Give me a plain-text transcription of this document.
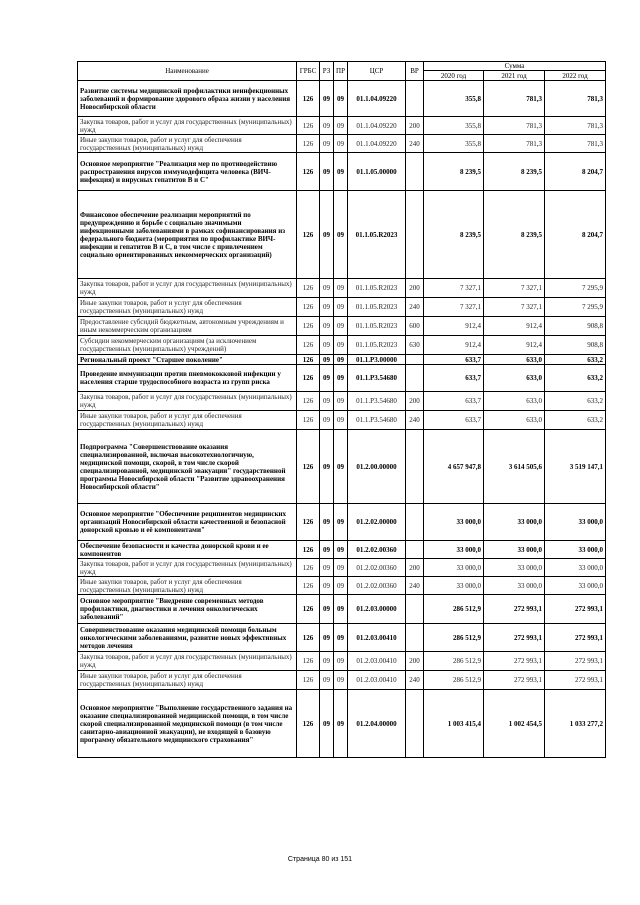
Наименование	ГРБС	РЗ	ПР	ЦСР	ВР	Сумма		
						2020 год	2021 год	2022 год
Развитие системы медицинской профилактики неинфекционных заболеваний и формирование здорового образа жизни у населения Новосибирской области	126	09	09	01.1.04.09220		355,8	781,3	781,3
Закупка товаров, работ и услуг для государственных (муниципальных) нужд	126	09	09	01.1.04.09220	200	355,8	781,3	781,3
Иные закупки товаров, работ и услуг для обеспечения государственных (муниципальных) нужд	126	09	09	01.1.04.09220	240	355,8	781,3	781,3
Основное мероприятие "Реализация мер по противодействию распространения вирусов иммунодефицита человека (ВИЧ-инфекция) и вирусных гепатитов В и С"	126	09	09	01.1.05.00000		8 239,5	8 239,5	8 204,7
Финансовое обеспечение реализации мероприятий по предупреждению и борьбе с социально значимыми инфекционными заболеваниями в рамках софинансирования из федерального бюджета (мероприятия по профилактике ВИЧ-инфекции и гепатитов В и С, в том числе с привлечением социально ориентированных некоммерческих организаций)	126	09	09	01.1.05.R2023		8 239,5	8 239,5	8 204,7
Закупка товаров, работ и услуг для государственных (муниципальных) нужд	126	09	09	01.1.05.R2023	200	7 327,1	7 327,1	7 295,9
Иные закупки товаров, работ и услуг для обеспечения государственных (муниципальных) нужд	126	09	09	01.1.05.R2023	240	7 327,1	7 327,1	7 295,9
Предоставление субсидий бюджетным, автономным учреждениям и иным некоммерческим организациям	126	09	09	01.1.05.R2023	600	912,4	912,4	908,8
Субсидии некоммерческим организациям (за исключением государственных (муниципальных) учреждений)	126	09	09	01.1.05.R2023	630	912,4	912,4	908,8
Региональный проект "Старшее поколение"	126	09	09	01.1.P3.00000		633,7	633,0	633,2
Проведение иммунизации против пневмококковой инфекции у населения старше трудоспособного возраста из групп риска	126	09	09	01.1.P3.54680		633,7	633,0	633,2
Закупка товаров, работ и услуг для государственных (муниципальных) нужд	126	09	09	01.1.P3.54680	200	633,7	633,0	633,2
Иные закупки товаров, работ и услуг для обеспечения государственных (муниципальных) нужд	126	09	09	01.1.P3.54680	240	633,7	633,0	633,2
Подпрограмма "Совершенствование оказания специализированной, включая высокотехнологичную, медицинской помощи, скорой, в том числе скорой специализированной, медицинской эвакуации" государственной программы Новосибирской области "Развитие здравоохранения Новосибирской области"	126	09	09	01.2.00.00000		4 657 947,8	3 614 505,6	3 519 147,1
Основное мероприятие "Обеспечение реципиентов медицинских организаций Новосибирской области качественной и безопасной донорской кровью и её компонентами"	126	09	09	01.2.02.00000		33 000,0	33 000,0	33 000,0
Обеспечение безопасности и качества донорской крови и ее компонентов	126	09	09	01.2.02.00360		33 000,0	33 000,0	33 000,0
Закупка товаров, работ и услуг для государственных (муниципальных) нужд	126	09	09	01.2.02.00360	200	33 000,0	33 000,0	33 000,0
Иные закупки товаров, работ и услуг для обеспечения государственных (муниципальных) нужд	126	09	09	01.2.02.00360	240	33 000,0	33 000,0	33 000,0
Основное мероприятие "Внедрение современных методов профилактики, диагностики и лечения онкологических заболеваний"	126	09	09	01.2.03.00000		286 512,9	272 993,1	272 993,1
Совершенствование оказания медицинской помощи больным онкологическими заболеваниями, развитие новых эффективных методов лечения	126	09	09	01.2.03.00410		286 512,9	272 993,1	272 993,1
Закупка товаров, работ и услуг для государственных (муниципальных) нужд	126	09	09	01.2.03.00410	200	286 512,9	272 993,1	272 993,1
Иные закупки товаров, работ и услуг для обеспечения государственных (муниципальных) нужд	126	09	09	01.2.03.00410	240	286 512,9	272 993,1	272 993,1
Основное мероприятие "Выполнение государственного задания на оказание специализированной медицинской помощи, в том числе скорой специализированной медицинской помощи (в том числе санитарно-авиационной эвакуации), не входящей в базовую программу обязательного медицинского страхования"	126	09	09	01.2.04.00000		1 003 415,4	1 002 454,5	1 033 277,2
Страница 80 из 151
